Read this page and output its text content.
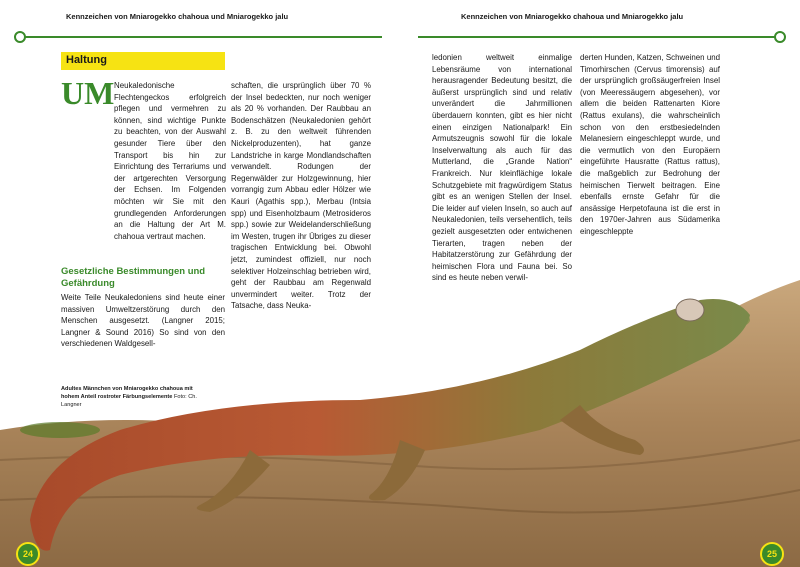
Kennzeichen von Mniarogekko chahoua und Mniarogekko jalu	Kennzeichen von Mniarogekko chahoua und Mniarogekko jalu
Haltung
UM Neukaledonische Flechtengeckos erfolgreich pflegen und vermehren zu können, sind wichtige Punkte zu beachten, von der Auswahl gesunder Tiere über den Transport bis hin zur Einrichtung des Terrariums und der artgerechten Versorgung der Echsen. Im Folgenden möchten wir Sie mit den grundlegenden Anforderungen an die Haltung der Art M. chahoua vertraut machen.

Gesetzliche Bestimmungen und Gefährdung

Weite Teile Neukaledoniens sind heute einer massiven Umweltzerstörung durch den Menschen ausgesetzt. (Langner 2015; Langner & Sound 2016) So sind von den verschiedenen Waldgesell-

Adultes Männchen von Mniarogekko chahoua mit hohem Anteil rostroter Färbungselemente Foto: Ch. Langner

schaften, die ursprünglich über 70 % der Insel bedeckten, nur noch weniger als 20 % vorhanden. Der Raubbau an Bodenschätzen (Neukaledonien gehört z. B. zu den weltweit führenden Nickelproduzenten), hat ganze Landstriche in karge Mondlandschaften verwandelt. Rodungen der Regenwälder zur Holzgewinnung, hier vorrangig zum Abbau edler Hölzer wie Kauri (Agathis spp.), Merbau (Intsia spp) und Eisenholzbaum (Metrosideros spp.) sowie zur Weidelanderschließung im Westen, trugen ihr Übriges zu dieser tragischen Entwicklung bei. Obwohl jetzt, zumindest offiziell, nur noch selektiver Holzeinschlag betrieben wird, geht der Raubbau am Regenwald unvermindert weiter. Trotz der Tatsache, dass Neuka-

ledonien weltweit einmalige Lebensräume von international herausragender Bedeutung besitzt, die äußerst ursprünglich sind und relativ unverändert die Jahrmillionen überdauern konnten, gibt es hier nicht einen einzigen Nationalpark! Ein Armutszeugnis sowohl für die lokale Inselverwaltung als auch für das Mutterland, die „Grande Nation“ Frankreich. Nur kleinflächige lokale Schutzgebiete mit fragwürdigem Status gibt es an wenigen Stellen der Insel. Die leider auf vielen Inseln, so auch auf Neukaledonien, teils versehentlich, teils gezielt ausgesetzten oder entwichenen Tierarten, tragen neben der Habitatzerstörung zur Gefährdung der heimischen Flora und Fauna bei. So sind es heute neben verwil-

derten Hunden, Katzen, Schweinen und Timorhirschen (Cervus timorensis) auf der ursprünglich großsäugerfreien Insel (von Meeressäugern abgesehen), vor allem die beiden Rattenarten Kiore (Rattus exulans), die wahrscheinlich schon von den erstbesiedelnden Melanesiern eingeschleppt wurde, und die vermutlich von den Europäern eingeführte Hausratte (Rattus rattus), die maßgeblich zur Bedrohung der heimischen Tierwelt beitragen. Eine ebenfalls ernste Gefahr für die ansässige Herpetofauna ist die erst in den 1970er-Jahren aus Südamerika eingeschleppte

24	25
